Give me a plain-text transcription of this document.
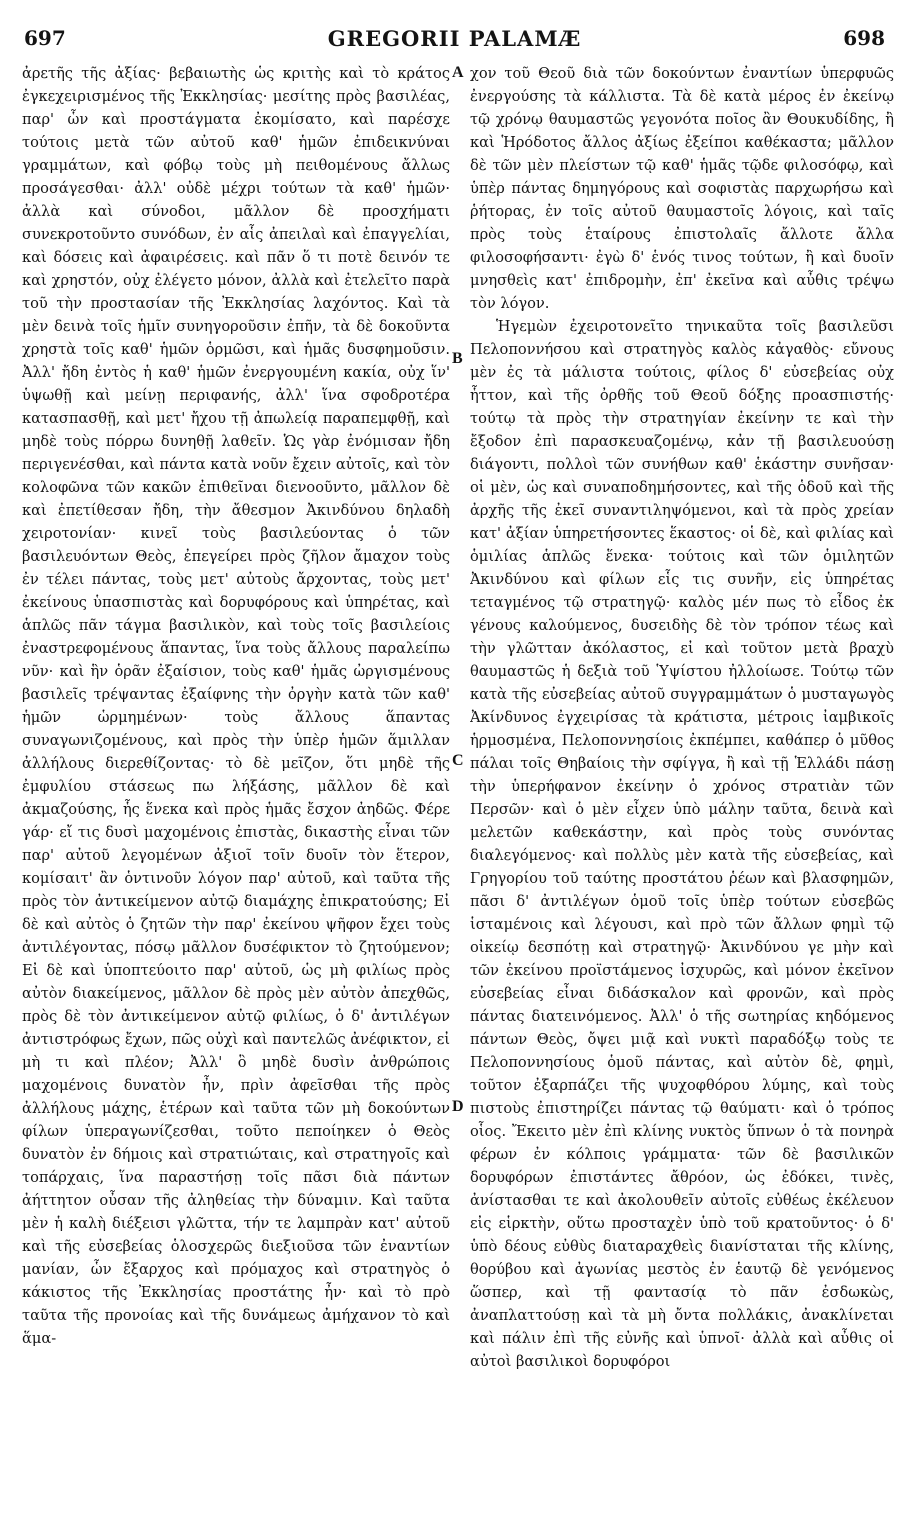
697	GREGORII PALAMÆ	698

ἀρετῆς τῆς ἀξίας· βεβαιωτὴς ὡς κριτὴς καὶ τὸ κράτος ἐγκεχειρισμένος τῆς Ἐκκλησίας· μεσίτης πρὸς βασιλέας, παρ' ὧν καὶ προστάγματα ἐκομίσατο, καὶ παρέσχε τούτοις μετὰ τῶν αὐτοῦ καθ' ἡμῶν ἐπιδεικνύναι γραμμάτων, καὶ φόβῳ τοὺς μὴ πειθομένους ἄλλως προσάγεσθαι· ἀλλ' οὐδὲ μέχρι τούτων τὰ καθ' ἡμῶν· ἀλλὰ καὶ σύνοδοι, μᾶλλον δὲ προσχήματι συνεκροτοῦντο συνόδων, ἐν αἷς ἀπειλαὶ καὶ ἐπαγγελίαι, καὶ δόσεις καὶ ἀφαιρέσεις. καὶ πᾶν ὅ τι ποτὲ δεινόν τε καὶ χρηστόν, οὐχ ἐλέγετο μόνον, ἀλλὰ καὶ ἐτελεῖτο παρὰ τοῦ τὴν προστασίαν τῆς Ἐκκλησίας λαχόντος. Καὶ τὰ μὲν δεινὰ τοῖς ἡμῖν συνηγοροῦσιν ἐπῆν, τὰ δὲ δοκοῦντα χρηστὰ τοῖς καθ' ἡμῶν ὁρμῶσι, καὶ ἡμᾶς δυσφημοῦσιν. Ἀλλ' ἤδη ἐντὸς ἡ καθ' ἡμῶν ἐνεργουμένη κακία, οὐχ ἵν' ὑψωθῇ καὶ μείνῃ περιφανής, ἀλλ' ἵνα σφοδροτέρα κατασπασθῇ, καὶ μετ' ἤχου τῇ ἀπωλείᾳ παραπεμφθῇ, καὶ μηδὲ τοὺς πόρρω δυνηθῇ λαθεῖν. Ὡς γὰρ ἐνόμισαν ἤδη περιγενέσθαι, καὶ πάντα κατὰ νοῦν ἔχειν αὐτοῖς, καὶ τὸν κολοφῶνα τῶν κακῶν ἐπιθεῖναι διενοοῦντο, μᾶλλον δὲ καὶ ἐπετίθεσαν ἤδη, τὴν ἄθεσμον Ἀκινδύνου δηλαδὴ χειροτονίαν· κινεῖ τοὺς βασιλεύοντας ὁ τῶν βασιλευόντων Θεὸς, ἐπεγείρει πρὸς ζῆλον ἄμαχον τοὺς ἐν τέλει πάντας, τοὺς μετ' αὐτοὺς ἄρχοντας, τοὺς μετ' ἐκείνους ὑπασπιστὰς καὶ δορυφόρους καὶ ὑπηρέτας, καὶ ἁπλῶς πᾶν τάγμα βασιλικὸν, καὶ τοὺς τοῖς βασιλείοις ἐναστρεφομένους ἅπαντας, ἵνα τοὺς ἄλλους παραλείπω νῦν· καὶ ἣν ὁρᾶν ἐξαίσιον, τοὺς καθ' ἡμᾶς ὠργισμένους βασιλεῖς τρέψαντας ἐξαίφνης τὴν ὀργὴν κατὰ τῶν καθ' ἡμῶν ὡρμημένων· τοὺς ἄλλους ἅπαντας συναγωνιζομένους, καὶ πρὸς τὴν ὑπὲρ ἡμῶν ἅμιλλαν ἀλλήλους διερεθίζοντας· τὸ δὲ μεῖζον, ὅτι μηδὲ τῆς ἐμφυλίου στάσεως πω λήξάσης, μᾶλλον δὲ καὶ ἀκμαζούσης, ἧς ἕνεκα καὶ πρὸς ἡμᾶς ἔσχον ἀηδῶς. Φέρε γάρ· εἴ τις δυσὶ μαχομένοις ἐπιστὰς, δικαστὴς εἶναι τῶν παρ' αὐτοῦ λεγομένων ἀξιοῖ τοῖν δυοῖν τὸν ἕτερον, κομίσαιτ' ἂν ὁντινοῦν λόγον παρ' αὐτοῦ, καὶ ταῦτα τῆς πρὸς τὸν ἀντικείμενον αὐτῷ διαμάχης ἐπικρατούσης; Εἰ δὲ καὶ αὐτὸς ὁ ζητῶν τὴν παρ' ἐκείνου ψῆφον ἔχει τοὺς ἀντιλέγοντας, πόσῳ μᾶλλον δυσέφικτον τὸ ζητούμενον; Εἰ δὲ καὶ ὑποπτεύοιτο παρ' αὐτοῦ, ὡς μὴ φιλίως πρὸς αὐτὸν διακείμενος, μᾶλλον δὲ πρὸς μὲν αὐτὸν ἀπεχθῶς, πρὸς δὲ τὸν ἀντικείμενον αὐτῷ φιλίως, ὁ δ' ἀντιλέγων ἀντιστρόφως ἔχων, πῶς οὐχὶ καὶ παντελῶς ἀνέφικτον, εἰ μὴ τι καὶ πλέον; Ἀλλ' ὃ μηδὲ δυσὶν ἀνθρώποις μαχομένοις δυνατὸν ἦν, πρὶν ἀφεῖσθαι τῆς πρὸς ἀλλήλους μάχης, ἑτέρων καὶ ταῦτα τῶν μὴ δοκούντων φίλων ὑπεραγωνίζεσθαι, τοῦτο πεποίηκεν ὁ Θεὸς δυνατὸν ἐν δήμοις καὶ στρατιώταις, καὶ στρατηγοῖς καὶ τοπάρχαις, ἵνα παραστήσῃ τοῖς πᾶσι διὰ πάντων ἀήττητον οὖσαν τῆς ἀληθείας τὴν δύναμιν. Καὶ ταῦτα μὲν ἡ καλὴ διέξεισι γλῶττα, τήν τε λαμπρὰν κατ' αὐτοῦ καὶ τῆς εὐσεβείας ὁλοσχερῶς διεξιοῦσα τῶν ἐναντίων μανίαν, ὧν ἔξαρχος καὶ πρόμαχος καὶ στρατηγὸς ὁ κάκιστος τῆς Ἐκκλησίας προστάτης ἦν· καὶ τὸ πρὸ ταῦτα τῆς προνοίας καὶ τῆς δυνάμεως ἀμήχανον τὸ καὶ ἅμα-

A
B
C
D

χον τοῦ Θεοῦ διὰ τῶν δοκούντων ἐναντίων ὑπερφυῶς ἐνεργούσης τὰ κάλλιστα. Τὰ δὲ κατὰ μέρος ἐν ἐκείνῳ τῷ χρόνῳ θαυμαστῶς γεγονότα ποῖος ἂν Θουκυδίδης, ἢ καὶ Ἡρόδοτος ἄλλος ἀξίως ἐξείποι καθέκαστα; μᾶλλον δὲ τῶν μὲν πλείστων τῷ καθ' ἡμᾶς τῷδε φιλοσόφῳ, καὶ ὑπὲρ πάντας δημηγόρους καὶ σοφιστὰς παρχωρήσω καὶ ῥήτορας, ἐν τοῖς αὐτοῦ θαυμαστοῖς λόγοις, καὶ ταῖς πρὸς τοὺς ἑταίρους ἐπιστολαῖς ἄλλοτε ἄλλα φιλοσοφήσαντι· ἐγὼ δ' ἑνός τινος τούτων, ἢ καὶ δυοῖν μνησθεὶς κατ' ἐπιδρομὴν, ἐπ' ἐκεῖνα καὶ αὖθις τρέψω τὸν λόγον.

Ἡγεμὼν ἐχειροτονεῖτο τηνικαῦτα τοῖς βασιλεῦσι Πελοποννήσου καὶ στρατηγὸς καλὸς κἀγαθὸς· εὔνους μὲν ἐς τὰ μάλιστα τούτοις, φίλος δ' εὐσεβείας οὐχ ἧττον, καὶ τῆς ὀρθῆς τοῦ Θεοῦ δόξης προασπιστής· τούτῳ τὰ πρὸς τὴν στρατηγίαν ἐκείνην τε καὶ τὴν ἔξοδον ἐπὶ παρασκευαζομένῳ, κἀν τῇ βασιλευούσῃ διάγοντι, πολλοὶ τῶν συνήθων καθ' ἑκάστην συνῆσαν· οἱ μὲν, ὡς καὶ συναποδημήσοντες, καὶ τῆς ὁδοῦ καὶ τῆς ἀρχῆς τῆς ἐκεῖ συναντιληψόμενοι, καὶ τὰ πρὸς χρείαν κατ' ἀξίαν ὑπηρετήσοντες ἕκαστος· οἱ δὲ, καὶ φιλίας καὶ ὁμιλίας ἁπλῶς ἕνεκα· τούτοις καὶ τῶν ὁμιλητῶν Ἀκινδύνου καὶ φίλων εἷς τις συνῆν, εἰς ὑπηρέτας τεταγμένος τῷ στρατηγῷ· καλὸς μέν πως τὸ εἶδος ἐκ γένους καλούμενος, δυσειδὴς δὲ τὸν τρόπον τέως καὶ τὴν γλῶτταν ἀκόλαστος, εἰ καὶ τοῦτον μετὰ βραχὺ θαυμαστῶς ἡ δεξιὰ τοῦ Ὑψίστου ἠλλοίωσε. Τούτῳ τῶν κατὰ τῆς εὐσεβείας αὐτοῦ συγγραμμάτων ὁ μυσταγωγὸς Ἀκίνδυνος ἐγχειρίσας τὰ κράτιστα, μέτροις ἰαμβικοῖς ἡρμοσμένα, Πελοποννησίοις ἐκπέμπει, καθάπερ ὁ μῦθος πάλαι τοῖς Θηβαίοις τὴν σφίγγα, ἢ καὶ τῇ Ἑλλάδι πάσῃ τὴν ὑπερήφανον ἐκείνην ὁ χρόνος στρατιὰν τῶν Περσῶν· καὶ ὁ μὲν εἶχεν ὑπὸ μάλην ταῦτα, δεινὰ καὶ μελετῶν καθεκάστην, καὶ πρὸς τοὺς συνόντας διαλεγόμενος· καὶ πολλὺς μὲν κατὰ τῆς εὐσεβείας, καὶ Γρηγορίου τοῦ ταύτης προστάτου ῥέων καὶ βλασφημῶν, πᾶσι δ' ἀντιλέγων ὁμοῦ τοῖς ὑπὲρ τούτων εὐσεβῶς ἱσταμένοις καὶ λέγουσι, καὶ πρὸ τῶν ἄλλων φημὶ τῷ οἰκείῳ δεσπότῃ καὶ στρατηγῷ· Ἀκινδύνου γε μὴν καὶ τῶν ἐκείνου προϊστάμενος ἰσχυρῶς, καὶ μόνον ἐκεῖνον εὐσεβείας εἶναι διδάσκαλον καὶ φρονῶν, καὶ πρὸς πάντας διατεινόμενος. Ἀλλ' ὁ τῆς σωτηρίας κηδόμενος πάντων Θεὸς, ὄψει μιᾷ καὶ νυκτὶ παραδόξῳ τοὺς τε Πελοποννησίους ὁμοῦ πάντας, καὶ αὐτὸν δὲ, φημὶ, τοῦτον ἐξαρπάζει τῆς ψυχοφθόρου λύμης, καὶ τοὺς πιστοὺς ἐπιστηρίζει πάντας τῷ θαύματι· καὶ ὁ τρόπος οἷος. Ἔκειτο μὲν ἐπὶ κλίνης νυκτὸς ὕπνων ὁ τὰ πονηρὰ φέρων ἐν κόλποις γράμματα· τῶν δὲ βασιλικῶν δορυφόρων ἐπιστάντες ἄθρόον, ὡς ἐδόκει, τινὲς, ἀνίστασθαι τε καὶ ἀκολουθεῖν αὐτοῖς εὐθέως ἐκέλευον εἰς εἱρκτὴν, οὕτω προσταχὲν ὑπὸ τοῦ κρατοῦντος· ὁ δ' ὑπὸ δέους εὐθὺς διαταραχθεὶς διανίσταται τῆς κλίνης, θορύβου καὶ ἀγωνίας μεστὸς ἐν ἑαυτῷ δὲ γενόμενος ὥσπερ, καὶ τῇ φαντασίᾳ τὸ πᾶν ἐσδωκὼς, ἀναπλαττούσῃ καὶ τὰ μὴ ὄντα πολλάκις, ἀνακλίνεται καὶ πάλιν ἐπὶ τῆς εὐνῆς καὶ ὑπνοῖ· ἀλλὰ καὶ αὖθις οἱ αὐτοὶ βασιλικοὶ δορυφόροι
